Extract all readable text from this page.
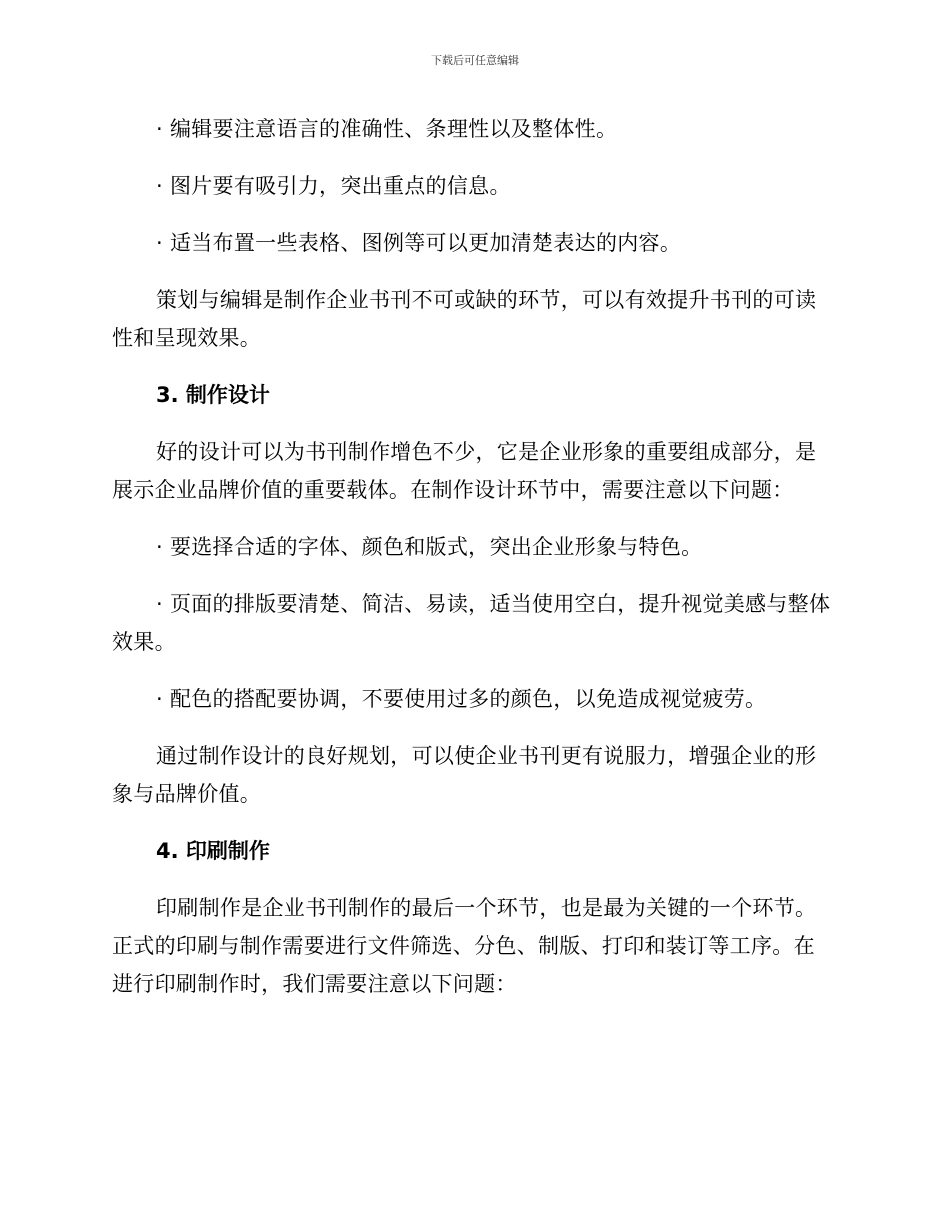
下载后可任意编辑
· 编辑要注意语言的准确性、条理性以及整体性。
· 图片要有吸引力，突出重点的信息。
· 适当布置一些表格、图例等可以更加清楚表达的内容。
策划与编辑是制作企业书刊不可或缺的环节，可以有效提升书刊的可读性和呈现效果。
3. 制作设计
好的设计可以为书刊制作增色不少，它是企业形象的重要组成部分，是展示企业品牌价值的重要载体。在制作设计环节中，需要注意以下问题：
· 要选择合适的字体、颜色和版式，突出企业形象与特色。
· 页面的排版要清楚、简洁、易读，适当使用空白，提升视觉美感与整体效果。
· 配色的搭配要协调，不要使用过多的颜色，以免造成视觉疲劳。
通过制作设计的良好规划，可以使企业书刊更有说服力，增强企业的形象与品牌价值。
4. 印刷制作
印刷制作是企业书刊制作的最后一个环节，也是最为关键的一个环节。正式的印刷与制作需要进行文件筛选、分色、制版、打印和装订等工序。在进行印刷制作时，我们需要注意以下问题：
